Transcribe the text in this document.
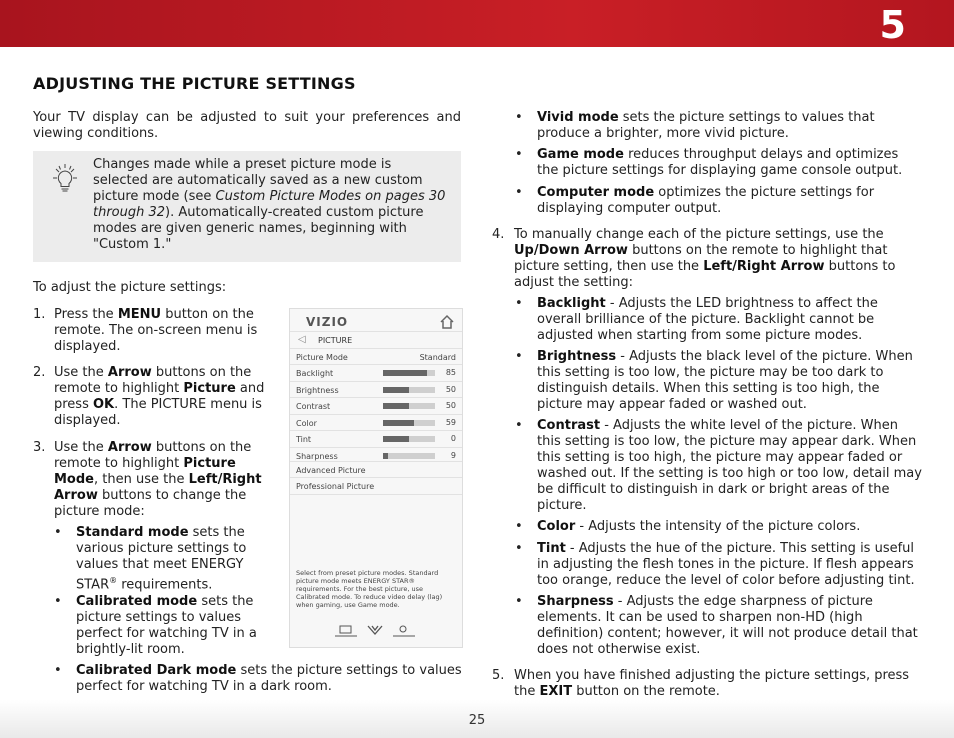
5
ADJUSTING THE PICTURE SETTINGS
Your TV display can be adjusted to suit your preferences and viewing conditions.
Changes made while a preset picture mode is selected are automatically saved as a new custom picture mode (see Custom Picture Modes on pages 30 through 32). Automatically-created custom picture modes are given generic names, beginning with "Custom 1."
To adjust the picture settings:
1. Press the MENU button on the remote. The on-screen menu is displayed.
2. Use the Arrow buttons on the remote to highlight Picture and press OK. The PICTURE menu is displayed.
3. Use the Arrow buttons on the remote to highlight Picture Mode, then use the Left/Right Arrow buttons to change the picture mode:
• Standard mode sets the various picture settings to values that meet ENERGY STAR® requirements.
• Calibrated mode sets the picture settings to values perfect for watching TV in a brightly-lit room.
• Calibrated Dark mode sets the picture settings to values perfect for watching TV in a dark room.
VIZIO
◁ PICTURE
Picture Mode	Standard
Backlight	85
Brightness	50
Contrast	50
Color	59
Tint	0
Sharpness	9
Advanced Picture
Professional Picture
Select from preset picture modes. Standard picture mode meets ENERGY STAR® requirements. For the best picture, use Calibrated mode. To reduce video delay (lag) when gaming, use Game mode.
• Vivid mode sets the picture settings to values that produce a brighter, more vivid picture.
• Game mode reduces throughput delays and optimizes the picture settings for displaying game console output.
• Computer mode optimizes the picture settings for displaying computer output.
4. To manually change each of the picture settings, use the Up/Down Arrow buttons on the remote to highlight that picture setting, then use the Left/Right Arrow buttons to adjust the setting:
• Backlight - Adjusts the LED brightness to affect the overall brilliance of the picture. Backlight cannot be adjusted when starting from some picture modes.
• Brightness - Adjusts the black level of the picture. When this setting is too low, the picture may be too dark to distinguish details. When this setting is too high, the picture may appear faded or washed out.
• Contrast - Adjusts the white level of the picture. When this setting is too low, the picture may appear dark. When this setting is too high, the picture may appear faded or washed out. If the setting is too high or too low, detail may be difficult to distinguish in dark or bright areas of the picture.
• Color - Adjusts the intensity of the picture colors.
• Tint - Adjusts the hue of the picture. This setting is useful in adjusting the flesh tones in the picture. If flesh appears too orange, reduce the level of color before adjusting tint.
• Sharpness - Adjusts the edge sharpness of picture elements. It can be used to sharpen non-HD (high definition) content; however, it will not produce detail that does not otherwise exist.
5. When you have finished adjusting the picture settings, press the EXIT button on the remote.
25
